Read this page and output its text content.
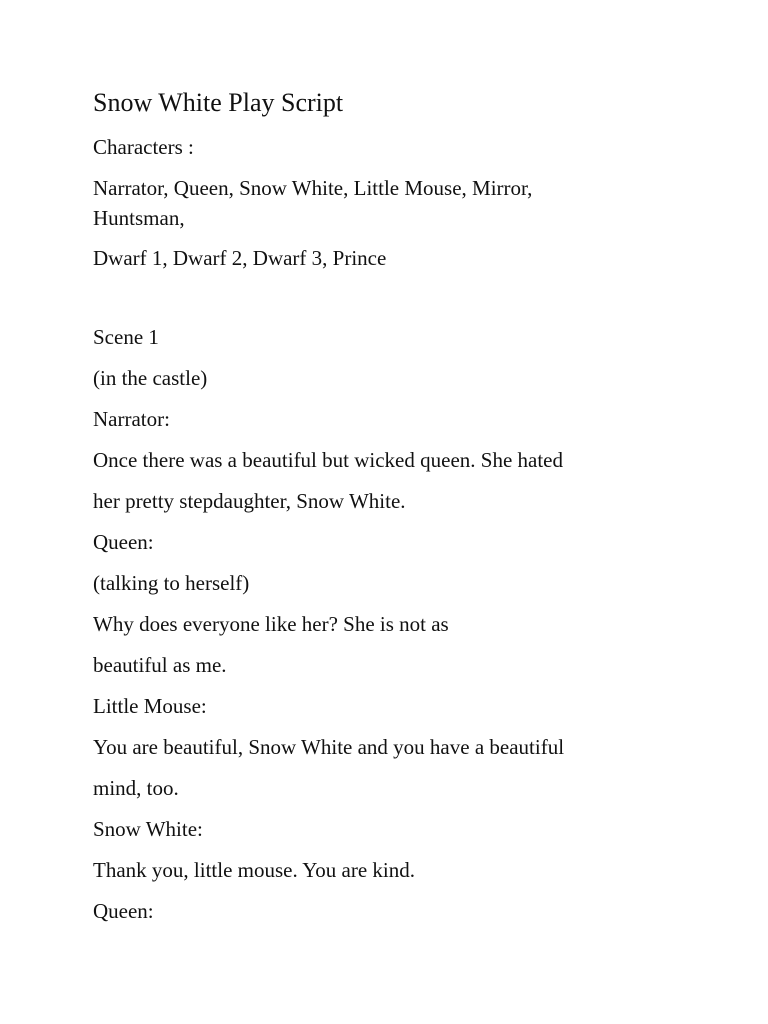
Snow White Play Script

Characters :

Narrator, Queen, Snow White, Little Mouse, Mirror,

Huntsman,

Dwarf 1, Dwarf 2, Dwarf 3, Prince

Scene 1

(in the castle)

Narrator:

Once there was a beautiful but wicked queen. She hated

her pretty stepdaughter, Snow White.

Queen:

(talking to herself)

Why does everyone like her? She is not as

beautiful as me.

Little Mouse:

You are beautiful, Snow White and you have a beautiful

mind, too.

Snow White:

Thank you, little mouse. You are kind.

Queen:
